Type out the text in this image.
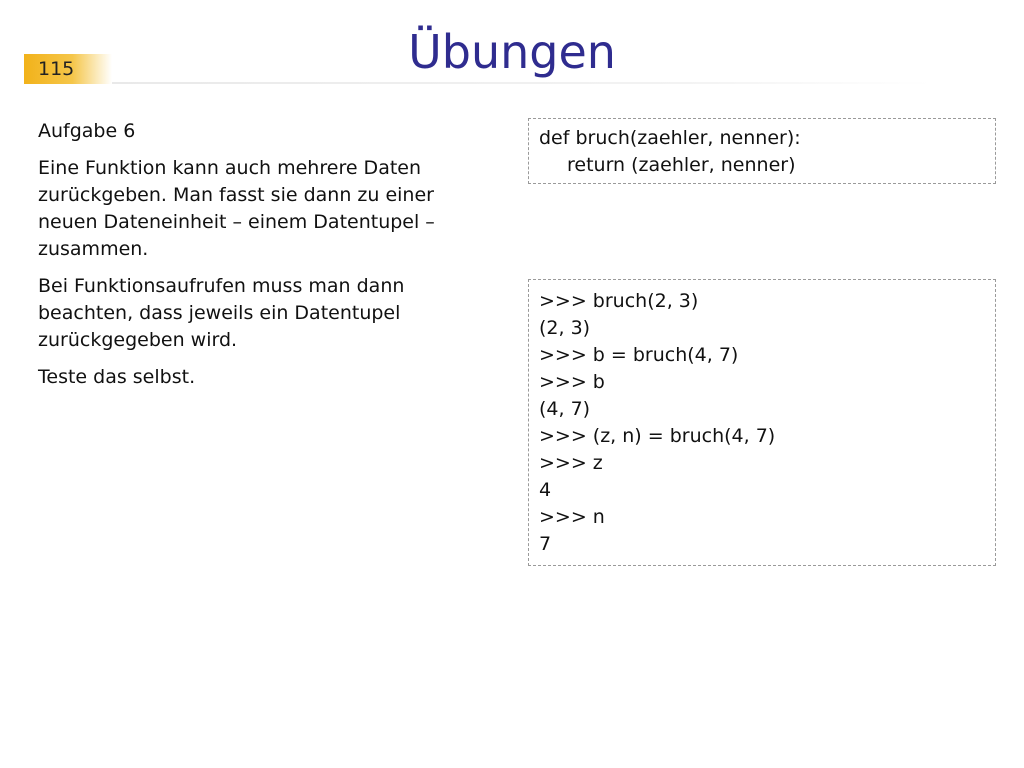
115	Übungen

Aufgabe 6

Eine Funktion kann auch mehrere Daten zurückgeben. Man fasst sie dann zu einer neuen Dateneinheit – einem Datentupel – zusammen.

Bei Funktionsaufrufen muss man dann beachten, dass jeweils ein Datentupel zurückgegeben wird.

Teste das selbst.

def bruch(zaehler, nenner):
return (zaehler, nenner)
>>> bruch(2, 3)
(2, 3)
>>> b = bruch(4, 7)
>>> b
(4, 7)
>>> (z, n) = bruch(4, 7)
>>> z
4
>>> n
7
